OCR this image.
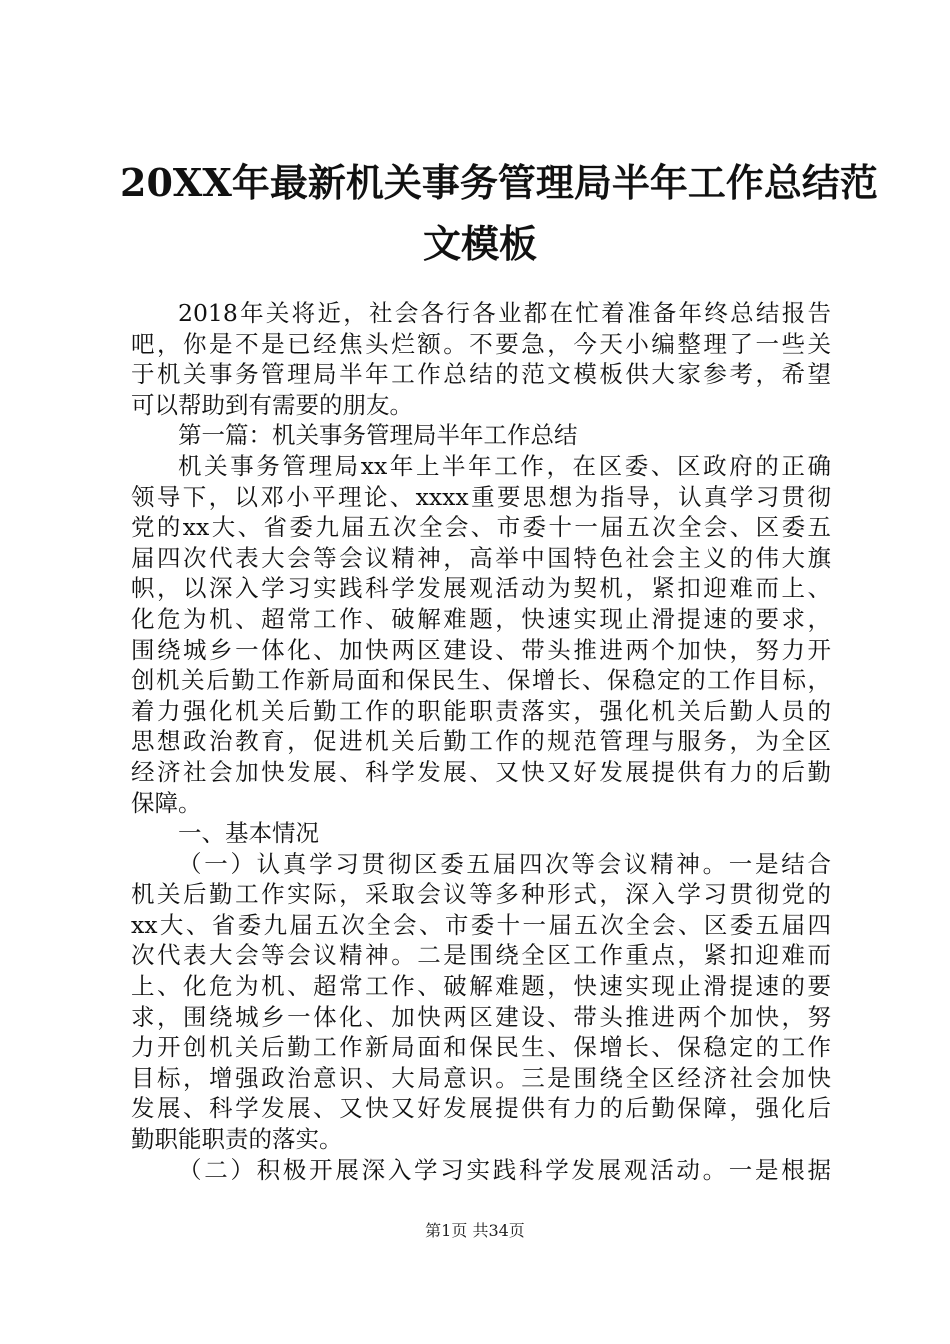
20XX年最新机关事务管理局半年工作总结范
文模板
2018年关将近，社会各行各业都在忙着准备年终总结报告
吧，你是不是已经焦头烂额。不要急，今天小编整理了一些关
于机关事务管理局半年工作总结的范文模板供大家参考，希望
可以帮助到有需要的朋友。
第一篇：机关事务管理局半年工作总结
机关事务管理局xx年上半年工作，在区委、区政府的正确
领导下，以邓小平理论、xxxx重要思想为指导，认真学习贯彻
党的xx大、省委九届五次全会、市委十一届五次全会、区委五
届四次代表大会等会议精神，高举中国特色社会主义的伟大旗
帜，以深入学习实践科学发展观活动为契机，紧扣迎难而上、
化危为机、超常工作、破解难题，快速实现止滑提速的要求，
围绕城乡一体化、加快两区建设、带头推进两个加快，努力开
创机关后勤工作新局面和保民生、保增长、保稳定的工作目标，
着力强化机关后勤工作的职能职责落实，强化机关后勤人员的
思想政治教育，促进机关后勤工作的规范管理与服务，为全区
经济社会加快发展、科学发展、又快又好发展提供有力的后勤
保障。
一、基本情况
（一）认真学习贯彻区委五届四次等会议精神。一是结合
机关后勤工作实际，采取会议等多种形式，深入学习贯彻党的
xx大、省委九届五次全会、市委十一届五次全会、区委五届四
次代表大会等会议精神。二是围绕全区工作重点，紧扣迎难而
上、化危为机、超常工作、破解难题，快速实现止滑提速的要
求，围绕城乡一体化、加快两区建设、带头推进两个加快，努
力开创机关后勤工作新局面和保民生、保增长、保稳定的工作
目标，增强政治意识、大局意识。三是围绕全区经济社会加快
发展、科学发展、又快又好发展提供有力的后勤保障，强化后
勤职能职责的落实。
（二）积极开展深入学习实践科学发展观活动。一是根据
第1页 共34页
